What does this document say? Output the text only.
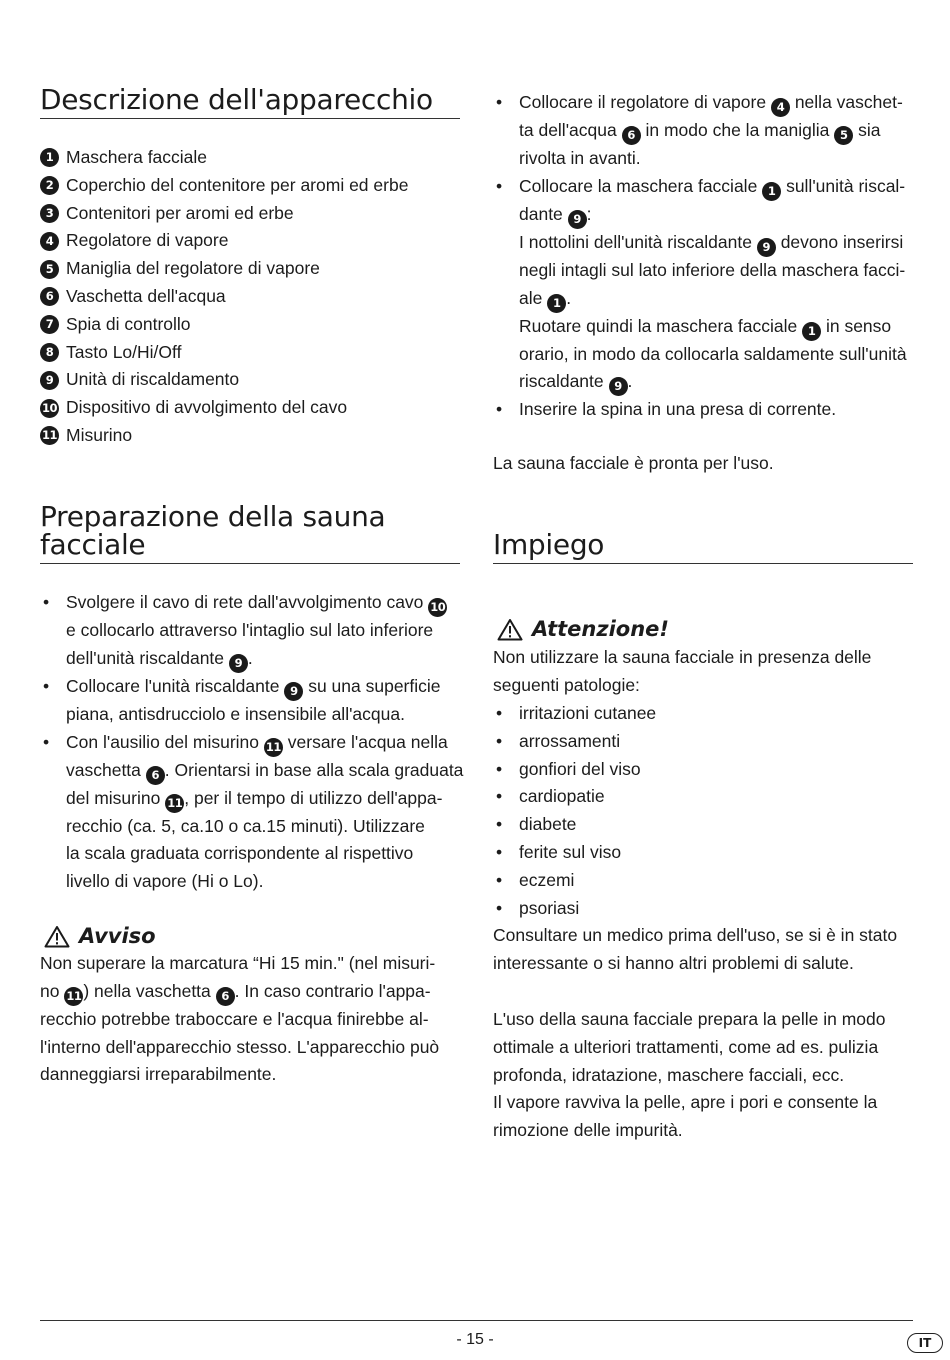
Descrizione dell'apparecchio
1 Maschera facciale
2 Coperchio del contenitore per aromi ed erbe
3 Contenitori per aromi ed erbe
4 Regolatore di vapore
5 Maniglia del regolatore di vapore
6 Vaschetta dell'acqua
7 Spia di controllo
8 Tasto Lo/Hi/Off
9 Unità di riscaldamento
10 Dispositivo di avvolgimento del cavo
11 Misurino
Preparazione della sauna
facciale
• Svolgere il cavo di rete dall'avvolgimento cavo 10
e collocarlo attraverso l'intaglio sul lato inferiore
dell'unità riscaldante 9 .
• Collocare l'unità riscaldante 9 su una superficie
piana, antisdrucciolo e insensibile all'acqua.
• Con l'ausilio del misurino 11 versare l'acqua nella
vaschetta 6 . Orientarsi in base alla scala graduata
del misurino 11 , per il tempo di utilizzo dell'appa-
recchio (ca. 5, ca.10 o ca.15 minuti). Utilizzare
la scala graduata corrispondente al rispettivo
livello di vapore (Hi o Lo).
Avviso
Non superare la marcatura “Hi 15 min." (nel misuri-
no 11 ) nella vaschetta 6 . In caso contrario l'appa-
recchio potrebbe traboccare e l'acqua finirebbe al-
l'interno dell'apparecchio stesso. L'apparecchio può
danneggiarsi irreparabilmente.
• Collocare il regolatore di vapore 4 nella vaschet-
ta dell'acqua 6 in modo che la maniglia 5 sia
rivolta in avanti.
• Collocare la maschera facciale 1 sull'unità riscal-
dante 9 :
I nottolini dell'unità riscaldante 9 devono inserirsi
negli intagli sul lato inferiore della maschera facci-
ale 1 .
Ruotare quindi la maschera facciale 1 in senso
orario, in modo da collocarla saldamente sull'unità
riscaldante 9 .
• Inserire la spina in una presa di corrente.

La sauna facciale è pronta per l'uso.

Impiego
Attenzione!
Non utilizzare la sauna facciale in presenza delle
seguenti patologie:
• irritazioni cutanee
• arrossamenti
• gonfiori del viso
• cardiopatie
• diabete
• ferite sul viso
• eczemi
• psoriasi
Consultare un medico prima dell'uso, se si è in stato
interessante o si hanno altri problemi di salute.
L'uso della sauna facciale prepara la pelle in modo
ottimale a ulteriori trattamenti, come ad es. pulizia
profonda, idratazione, maschere facciali, ecc.
Il vapore ravviva la pelle, apre i pori e consente la
rimozione delle impurità.
- 15 -	IT
